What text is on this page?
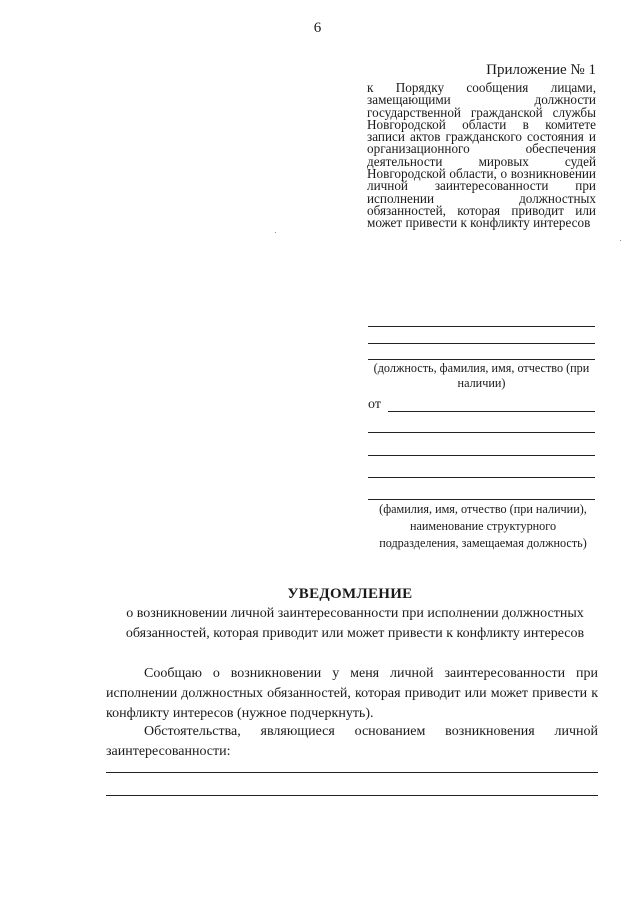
6
Приложение № 1
к Порядку сообщения лицами, замещающими должности государственной гражданской службы Новгородской области в комитете записи актов гражданского состояния и организационного обеспечения деятельности мировых судей Новгородской области, о возникновении личной заинтересованности при исполнении должностных обязанностей, которая приводит или может привести к конфликту интересов
(должность, фамилия, имя, отчество (при наличии)
от
(фамилия, имя, отчество (при наличии), наименование структурного подразделения, замещаемая должность)
УВЕДОМЛЕНИЕ
о возникновении личной заинтересованности при исполнении должностных обязанностей, которая приводит или может привести к конфликту интересов
Сообщаю о возникновении у меня личной заинтересованности при исполнении должностных обязанностей, которая приводит или может привести к конфликту интересов (нужное подчеркнуть).
Обстоятельства, являющиеся основанием возникновения личной заинтересованности:
